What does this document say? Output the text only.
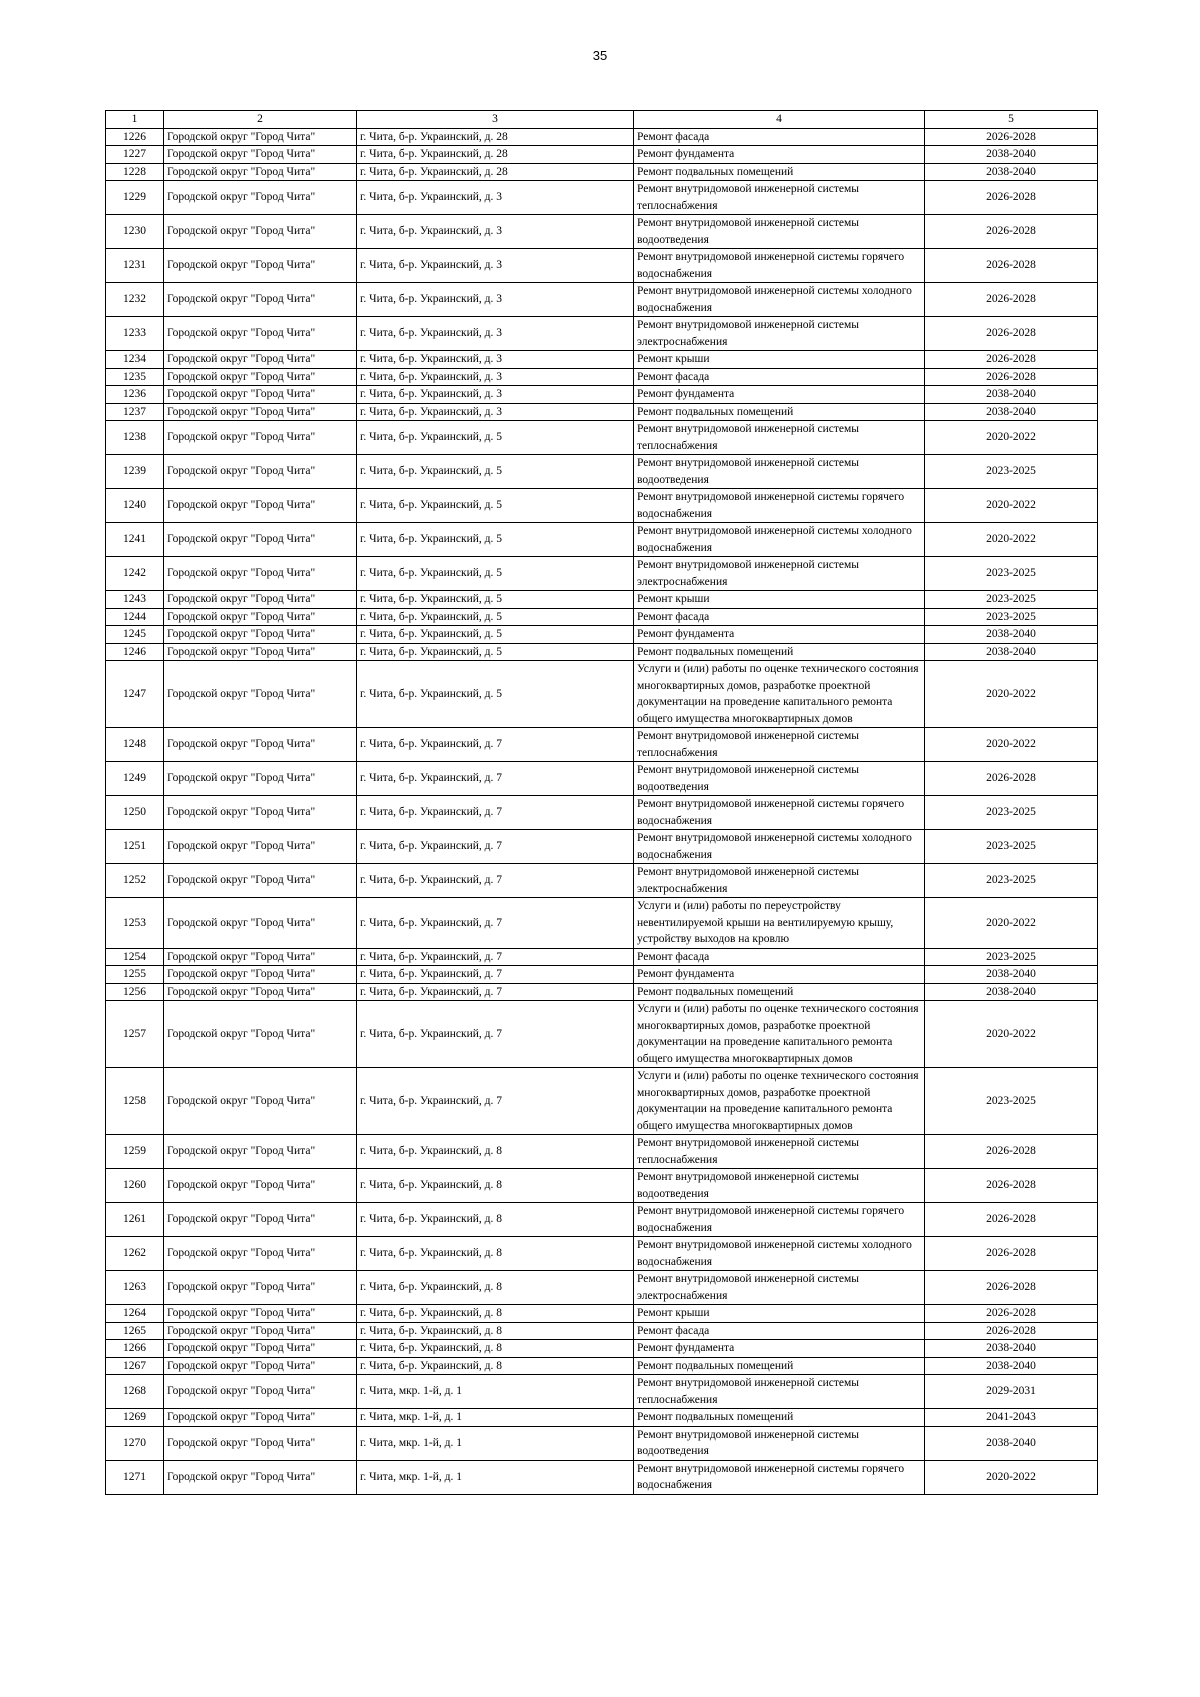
35
1	2	3	4	5
1226	Городской округ "Город Чита"	г. Чита, б-р. Украинский, д. 28	Ремонт фасада	2026-2028
1227	Городской округ "Город Чита"	г. Чита, б-р. Украинский, д. 28	Ремонт фундамента	2038-2040
1228	Городской округ "Город Чита"	г. Чита, б-р. Украинский, д. 28	Ремонт подвальных помещений	2038-2040
1229	Городской округ "Город Чита"	г. Чита, б-р. Украинский, д. 3	Ремонт внутридомовой инженерной системы теплоснабжения	2026-2028
1230	Городской округ "Город Чита"	г. Чита, б-р. Украинский, д. 3	Ремонт внутридомовой инженерной системы водоотведения	2026-2028
1231	Городской округ "Город Чита"	г. Чита, б-р. Украинский, д. 3	Ремонт внутридомовой инженерной системы горячего водоснабжения	2026-2028
1232	Городской округ "Город Чита"	г. Чита, б-р. Украинский, д. 3	Ремонт внутридомовой инженерной системы холодного водоснабжения	2026-2028
1233	Городской округ "Город Чита"	г. Чита, б-р. Украинский, д. 3	Ремонт внутридомовой инженерной системы электроснабжения	2026-2028
1234	Городской округ "Город Чита"	г. Чита, б-р. Украинский, д. 3	Ремонт крыши	2026-2028
1235	Городской округ "Город Чита"	г. Чита, б-р. Украинский, д. 3	Ремонт фасада	2026-2028
1236	Городской округ "Город Чита"	г. Чита, б-р. Украинский, д. 3	Ремонт фундамента	2038-2040
1237	Городской округ "Город Чита"	г. Чита, б-р. Украинский, д. 3	Ремонт подвальных помещений	2038-2040
1238	Городской округ "Город Чита"	г. Чита, б-р. Украинский, д. 5	Ремонт внутридомовой инженерной системы теплоснабжения	2020-2022
1239	Городской округ "Город Чита"	г. Чита, б-р. Украинский, д. 5	Ремонт внутридомовой инженерной системы водоотведения	2023-2025
1240	Городской округ "Город Чита"	г. Чита, б-р. Украинский, д. 5	Ремонт внутридомовой инженерной системы горячего водоснабжения	2020-2022
1241	Городской округ "Город Чита"	г. Чита, б-р. Украинский, д. 5	Ремонт внутридомовой инженерной системы холодного водоснабжения	2020-2022
1242	Городской округ "Город Чита"	г. Чита, б-р. Украинский, д. 5	Ремонт внутридомовой инженерной системы электроснабжения	2023-2025
1243	Городской округ "Город Чита"	г. Чита, б-р. Украинский, д. 5	Ремонт крыши	2023-2025
1244	Городской округ "Город Чита"	г. Чита, б-р. Украинский, д. 5	Ремонт фасада	2023-2025
1245	Городской округ "Город Чита"	г. Чита, б-р. Украинский, д. 5	Ремонт фундамента	2038-2040
1246	Городской округ "Город Чита"	г. Чита, б-р. Украинский, д. 5	Ремонт подвальных помещений	2038-2040
1247	Городской округ "Город Чита"	г. Чита, б-р. Украинский, д. 5	Услуги и (или) работы по оценке технического состояния многоквартирных домов, разработке проектной документации на проведение капитального ремонта общего имущества многоквартирных домов	2020-2022
1248	Городской округ "Город Чита"	г. Чита, б-р. Украинский, д. 7	Ремонт внутридомовой инженерной системы теплоснабжения	2020-2022
1249	Городской округ "Город Чита"	г. Чита, б-р. Украинский, д. 7	Ремонт внутридомовой инженерной системы водоотведения	2026-2028
1250	Городской округ "Город Чита"	г. Чита, б-р. Украинский, д. 7	Ремонт внутридомовой инженерной системы горячего водоснабжения	2023-2025
1251	Городской округ "Город Чита"	г. Чита, б-р. Украинский, д. 7	Ремонт внутридомовой инженерной системы холодного водоснабжения	2023-2025
1252	Городской округ "Город Чита"	г. Чита, б-р. Украинский, д. 7	Ремонт внутридомовой инженерной системы электроснабжения	2023-2025
1253	Городской округ "Город Чита"	г. Чита, б-р. Украинский, д. 7	Услуги и (или) работы по переустройству невентилируемой крыши на вентилируемую крышу, устройству выходов на кровлю	2020-2022
1254	Городской округ "Город Чита"	г. Чита, б-р. Украинский, д. 7	Ремонт фасада	2023-2025
1255	Городской округ "Город Чита"	г. Чита, б-р. Украинский, д. 7	Ремонт фундамента	2038-2040
1256	Городской округ "Город Чита"	г. Чита, б-р. Украинский, д. 7	Ремонт подвальных помещений	2038-2040
1257	Городской округ "Город Чита"	г. Чита, б-р. Украинский, д. 7	Услуги и (или) работы по оценке технического состояния многоквартирных домов, разработке проектной документации на проведение капитального ремонта общего имущества многоквартирных домов	2020-2022
1258	Городской округ "Город Чита"	г. Чита, б-р. Украинский, д. 7	Услуги и (или) работы по оценке технического состояния многоквартирных домов, разработке проектной документации на проведение капитального ремонта общего имущества многоквартирных домов	2023-2025
1259	Городской округ "Город Чита"	г. Чита, б-р. Украинский, д. 8	Ремонт внутридомовой инженерной системы теплоснабжения	2026-2028
1260	Городской округ "Город Чита"	г. Чита, б-р. Украинский, д. 8	Ремонт внутридомовой инженерной системы водоотведения	2026-2028
1261	Городской округ "Город Чита"	г. Чита, б-р. Украинский, д. 8	Ремонт внутридомовой инженерной системы горячего водоснабжения	2026-2028
1262	Городской округ "Город Чита"	г. Чита, б-р. Украинский, д. 8	Ремонт внутридомовой инженерной системы холодного водоснабжения	2026-2028
1263	Городской округ "Город Чита"	г. Чита, б-р. Украинский, д. 8	Ремонт внутридомовой инженерной системы электроснабжения	2026-2028
1264	Городской округ "Город Чита"	г. Чита, б-р. Украинский, д. 8	Ремонт крыши	2026-2028
1265	Городской округ "Город Чита"	г. Чита, б-р. Украинский, д. 8	Ремонт фасада	2026-2028
1266	Городской округ "Город Чита"	г. Чита, б-р. Украинский, д. 8	Ремонт фундамента	2038-2040
1267	Городской округ "Город Чита"	г. Чита, б-р. Украинский, д. 8	Ремонт подвальных помещений	2038-2040
1268	Городской округ "Город Чита"	г. Чита, мкр. 1-й, д. 1	Ремонт внутридомовой инженерной системы теплоснабжения	2029-2031
1269	Городской округ "Город Чита"	г. Чита, мкр. 1-й, д. 1	Ремонт подвальных помещений	2041-2043
1270	Городской округ "Город Чита"	г. Чита, мкр. 1-й, д. 1	Ремонт внутридомовой инженерной системы водоотведения	2038-2040
1271	Городской округ "Город Чита"	г. Чита, мкр. 1-й, д. 1	Ремонт внутридомовой инженерной системы горячего водоснабжения	2020-2022
